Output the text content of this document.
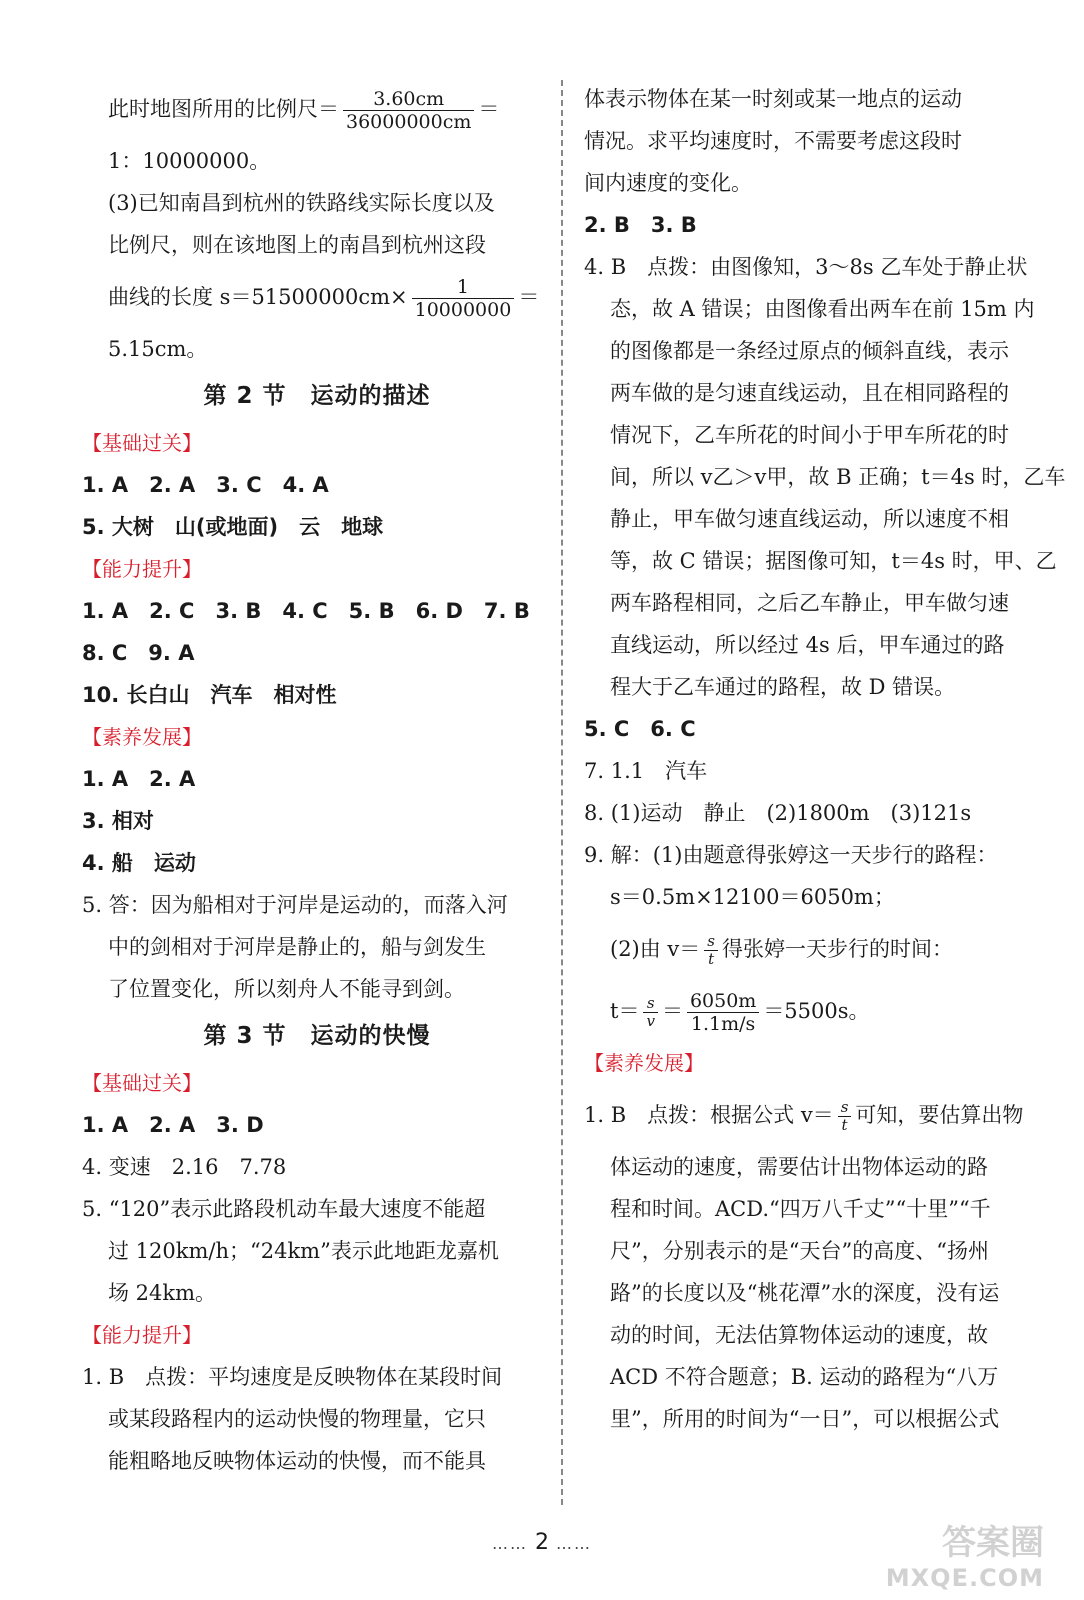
此时地图所用的比例尺＝ $\frac{3.60cm}{36000000cm}$ ＝
1：10000000。
(3)已知南昌到杭州的铁路线实际长度以及
比例尺，则在该地图上的南昌到杭州这段
曲线的长度 $s=51500000cm\times \frac{1}{10000000}$ ＝
5.15cm。
第 2 节　运动的描述
【基础过关】
1. A　2. A　3. C　4. A
5. 大树　山(或地面)　云　地球
【能力提升】
1. A　2. C　3. B　4. C　5. B　6. D　7. B
8. C　9. A
10. 长白山　汽车　相对性
【素养发展】
1. A　2. A
3. 相对
4. 船　运动
5. 答：因为船相对于河岸是运动的，而落入河
中的剑相对于河岸是静止的，船与剑发生
了位置变化，所以刻舟人不能寻到剑。
第 3 节　运动的快慢
【基础过关】
1. A　2. A　3. D
4. 变速　2.16　7.78
5. “120”表示此路段机动车最大速度不能超
过 120km/h；“24km”表示此地距龙嘉机
场 24km。
【能力提升】
1. B　点拨：平均速度是反映物体在某段时间
或某段路程内的运动快慢的物理量，它只
能粗略地反映物体运动的快慢，而不能具
体表示物体在某一时刻或某一地点的运动
情况。求平均速度时，不需要考虑这段时
间内速度的变化。
2. B　3. B
4. B　点拨：由图像知，3～8s 乙车处于静止状
态，故 A 错误；由图像看出两车在前 15m 内
的图像都是一条经过原点的倾斜直线，表示
两车做的是匀速直线运动，且在相同路程的
情况下，乙车所花的时间小于甲车所花的时
间，所以 v乙＞v甲，故 B 正确；t＝4s 时，乙车
静止，甲车做匀速直线运动，所以速度不相
等，故 C 错误；据图像可知，t＝4s 时，甲、乙
两车路程相同，之后乙车静止，甲车做匀速
直线运动，所以经过 4s 后，甲车通过的路
程大于乙车通过的路程，故 D 错误。
5. C　6. C
7. 1.1　汽车
8. (1)运动　静止　(2)1800m　(3)121s
9. 解：(1)由题意得张婷这一天步行的路程：
s＝0.5m×12100＝6050m；
(2)由 $v= \frac{s}{t}$ 得张婷一天步行的时间：
$t= \frac{s}{v} = \frac{6050m}{1.1m/s} =5500s$。
【素养发展】
1. B　点拨：根据公式 $v= \frac{s}{t}$ 可知，要估算出物
体运动的速度，需要估计出物体运动的路
程和时间。ACD.“四万八千丈”“十里”“千
尺”，分别表示的是“天台”的高度、“扬州
路”的长度以及“桃花潭”水的深度，没有运
动的时间，无法估算物体运动的速度，故
ACD 不符合题意；B. 运动的路程为“八万
里”，所用的时间为“一日”，可以根据公式
…… 2 ……	答案圈
MXQE.COM
